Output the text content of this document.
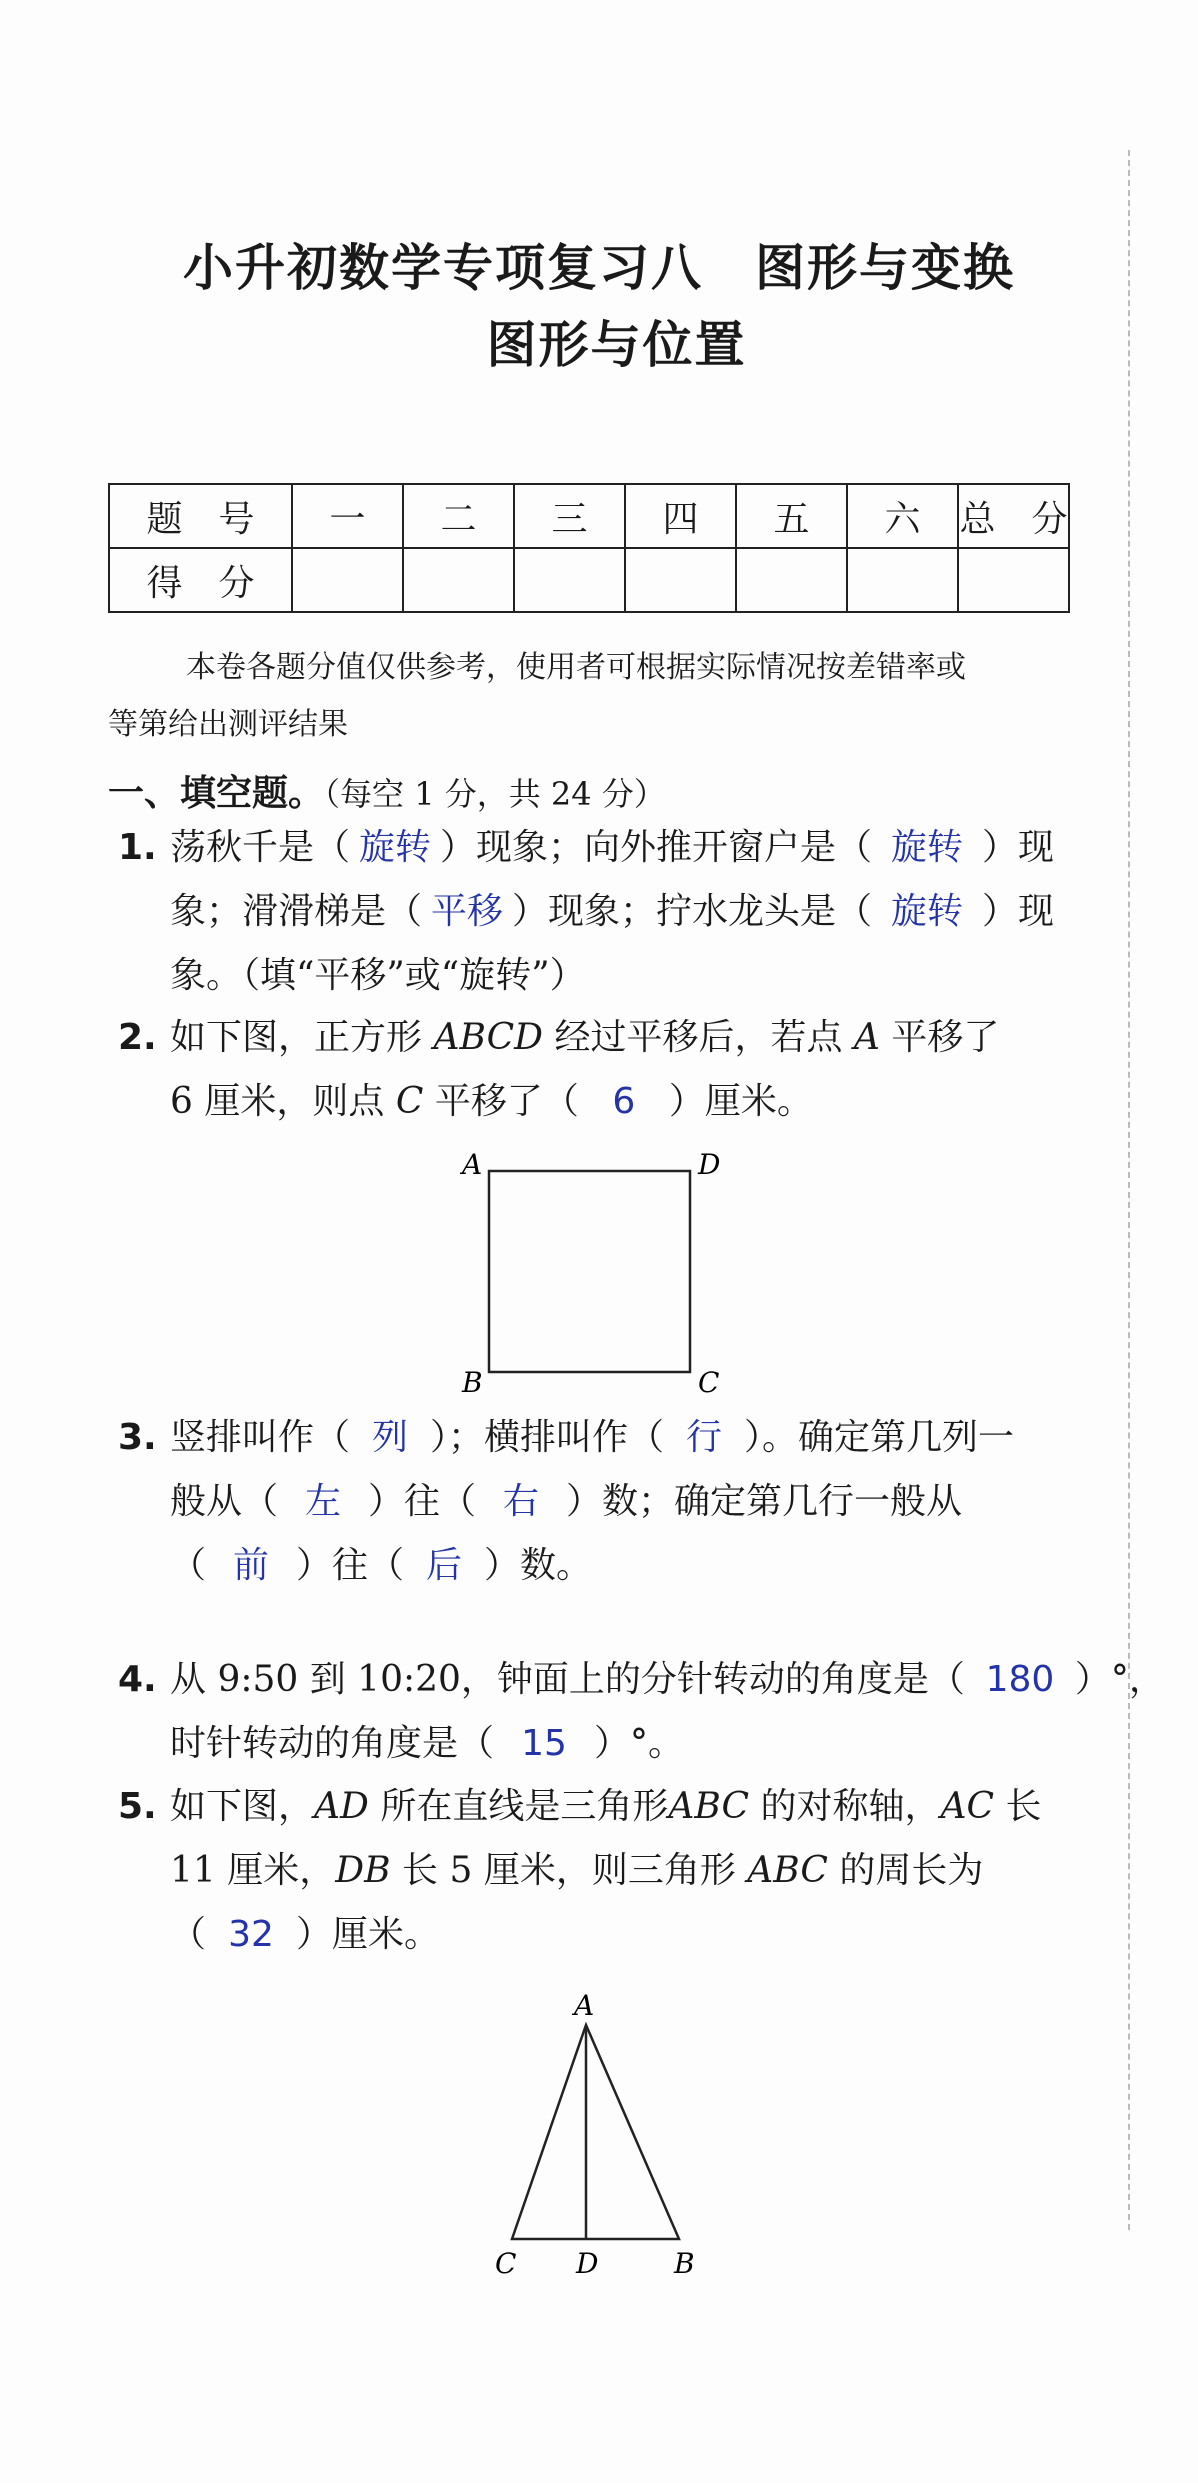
小升初数学专项复习八　图形与变换
图形与位置
题　号	一	二	三	四	五	六	总　分
得　分							
本卷各题分值仅供参考，使用者可根据实际情况按差错率或
等第给出测评结果
一、填空题。（每空 1 分，共 24 分）
1. 荡秋千是（ 旋转 ）现象；向外推开窗户是（ 旋转 ）现
象；滑滑梯是（ 平移 ）现象；拧水龙头是（ 旋转 ）现
象。（填“平移”或“旋转”）
2. 如下图，正方形 ABCD 经过平移后，若点 A 平移了
6 厘米，则点 C 平移了（ 6 ）厘米。
A	D
B	C
3. 竖排叫作（ 列 ）；横排叫作（ 行 ）。确定第几列一
般从（ 左 ）往（ 右 ）数；确定第几行一般从
（ 前 ）往（ 后 ）数。
4. 从 9:50 到 10:20，钟面上的分针转动的角度是（ 180 ）°，
时针转动的角度是（ 15 ）°。
5. 如下图，AD 所在直线是三角形ABC 的对称轴，AC 长
11 厘米，DB 长 5 厘米，则三角形 ABC 的周长为
（ 32 ）厘米。
A
C D	B
